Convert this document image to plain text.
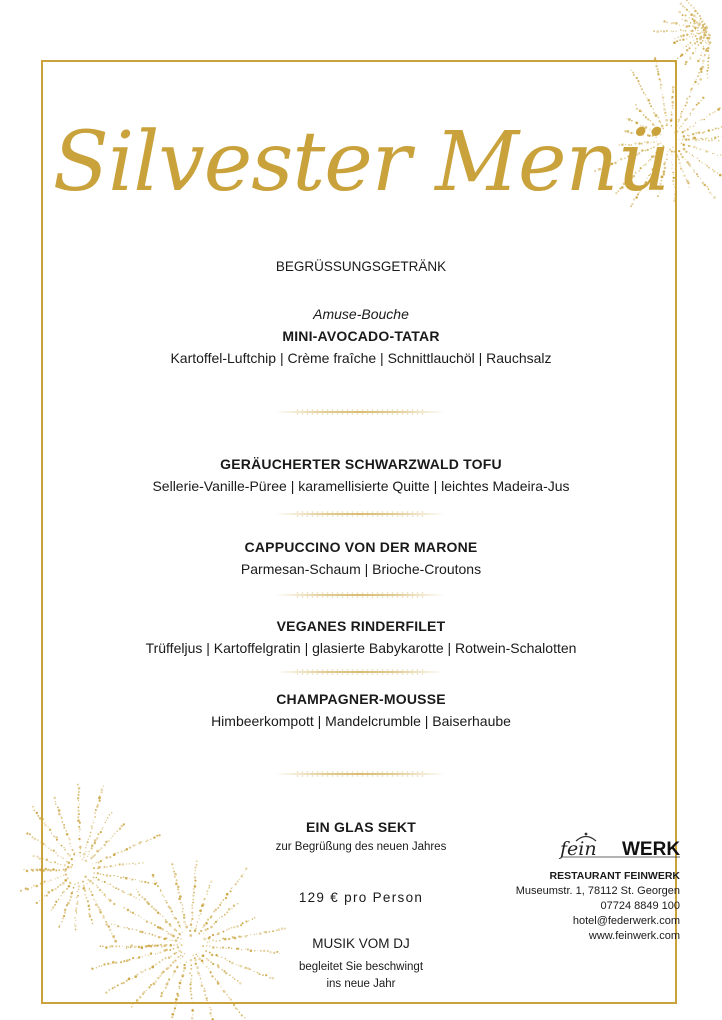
Silvester Menü
BEGRÜSSUNGSGETRÄNK
Amuse-Bouche
MINI-AVOCADO-TATAR
Kartoffel-Luftchip | Crème fraîche | Schnittlauchöl | Rauchsalz
GERÄUCHERTER SCHWARZWALD TOFU
Sellerie-Vanille-Püree | karamellisierte Quitte | leichtes Madeira-Jus
CAPPUCCINO VON DER MARONE
Parmesan-Schaum | Brioche-Croutons
VEGANES RINDERFILET
Trüffeljus | Kartoffelgratin | glasierte Babykarotte | Rotwein-Schalotten
CHAMPAGNER-MOUSSE
Himbeerkompott | Mandelcrumble | Baiserhaube
EIN GLAS SEKT
zur Begrüßung des neuen Jahres
129 € pro Person
MUSIK VOM DJ
begleitet Sie beschwingt
ins neue Jahr
fein WERK
RESTAURANT FEINWERK
Museumstr. 1, 78112 St. Georgen
07724 8849 100
hotel@federwerk.com
www.feinwerk.com
